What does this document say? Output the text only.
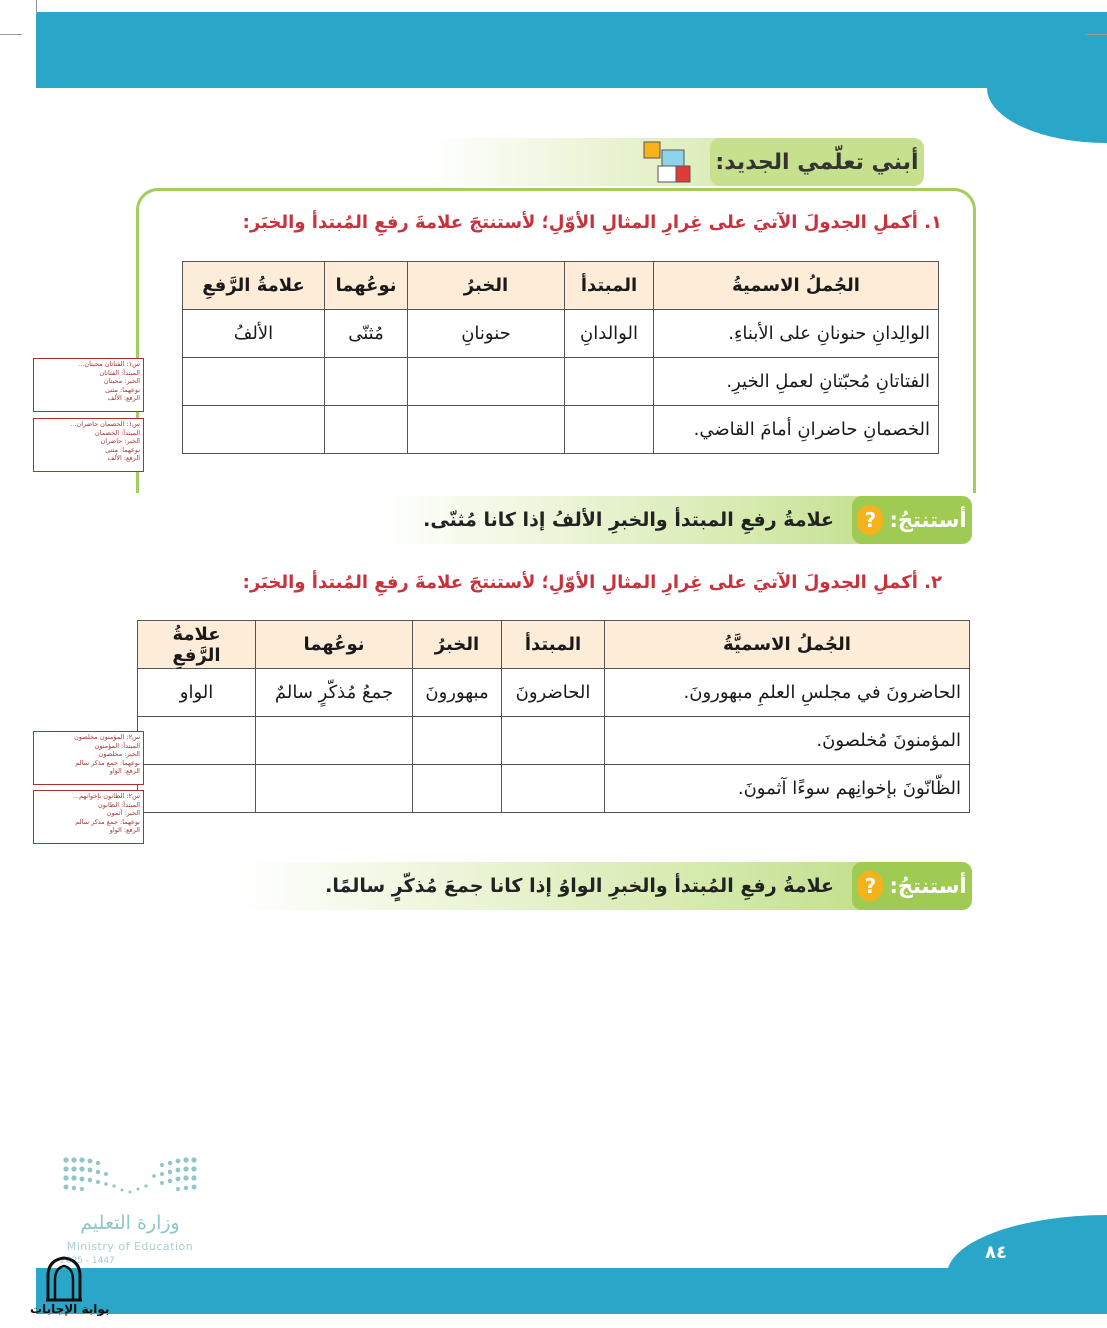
أبني تعلّمي الجديد:
١. أكملِ الجدولَ الآتيَ على غِرارِ المثالِ الأوّلِ؛ لأستنتجَ علامةَ رفعِ المُبتدأ والخبَر:
الجُملُ الاسميةُ	المبتدأ	الخبرُ	نوعُهما	علامةُ الرَّفعِ
الوالِدانِ حنونانِ على الأبناءِ.	الوالدانِ	حنونانِ	مُثنّى	الألفُ
الفتاتانِ مُحبّتانِ لعملِ الخيرِ.				
الخصمانِ حاضرانِ أمامَ القاضي.				
س١: الفتاتان محبتان...
المبتدأ: الفتاتان
الخبر: محبتان
نوعهما: مثنى
الرفع: الألف
س١: الخصمان حاضران...
المبتدأ: الخصمان
الخبر: حاضران
نوعهما: مثنى
الرفع: الألف
أستنتجُ:
?
علامةُ رفعِ المبتدأ والخبرِ الألفُ إذا كانا مُثنّى.
٢. أكملِ الجدولَ الآتيَ على غِرارِ المثالِ الأوّلِ؛ لأستنتجَ علامةَ رفعِ المُبتدأ والخبَر:
الجُملُ الاسميَّةُ	المبتدأ	الخبرُ	نوعُهما	علامةُ الرَّفعِ
الحاضرونَ في مجلسِ العلمِ مبهورونَ.	الحاضرونَ	مبهورونَ	جمعُ مُذكّرٍ سالمٌ	الواو
المؤمنونَ مُخلصونَ.				
الظّانّونَ بإخوانِهم سوءًا آثمونَ.				
س٢: المؤمنون مخلصون
المبتدأ: المؤمنون
الخبر: مخلصون
نوعهما: جمع مذكر سالم
الرفع: الواو
س٢: الظانون بإخوانهم...
المبتدأ: الظانون
الخبر: آثمون
نوعهما: جمع مذكر سالم
الرفع: الواو
أستنتجُ:
?
علامةُ رفعِ المُبتدأ والخبرِ الواوُ إذا كانا جمعَ مُذكّرٍ سالمًا.
وزارة التعليم
Ministry of Education
2025 - 1447	٨٤
بوابة الإجابات
